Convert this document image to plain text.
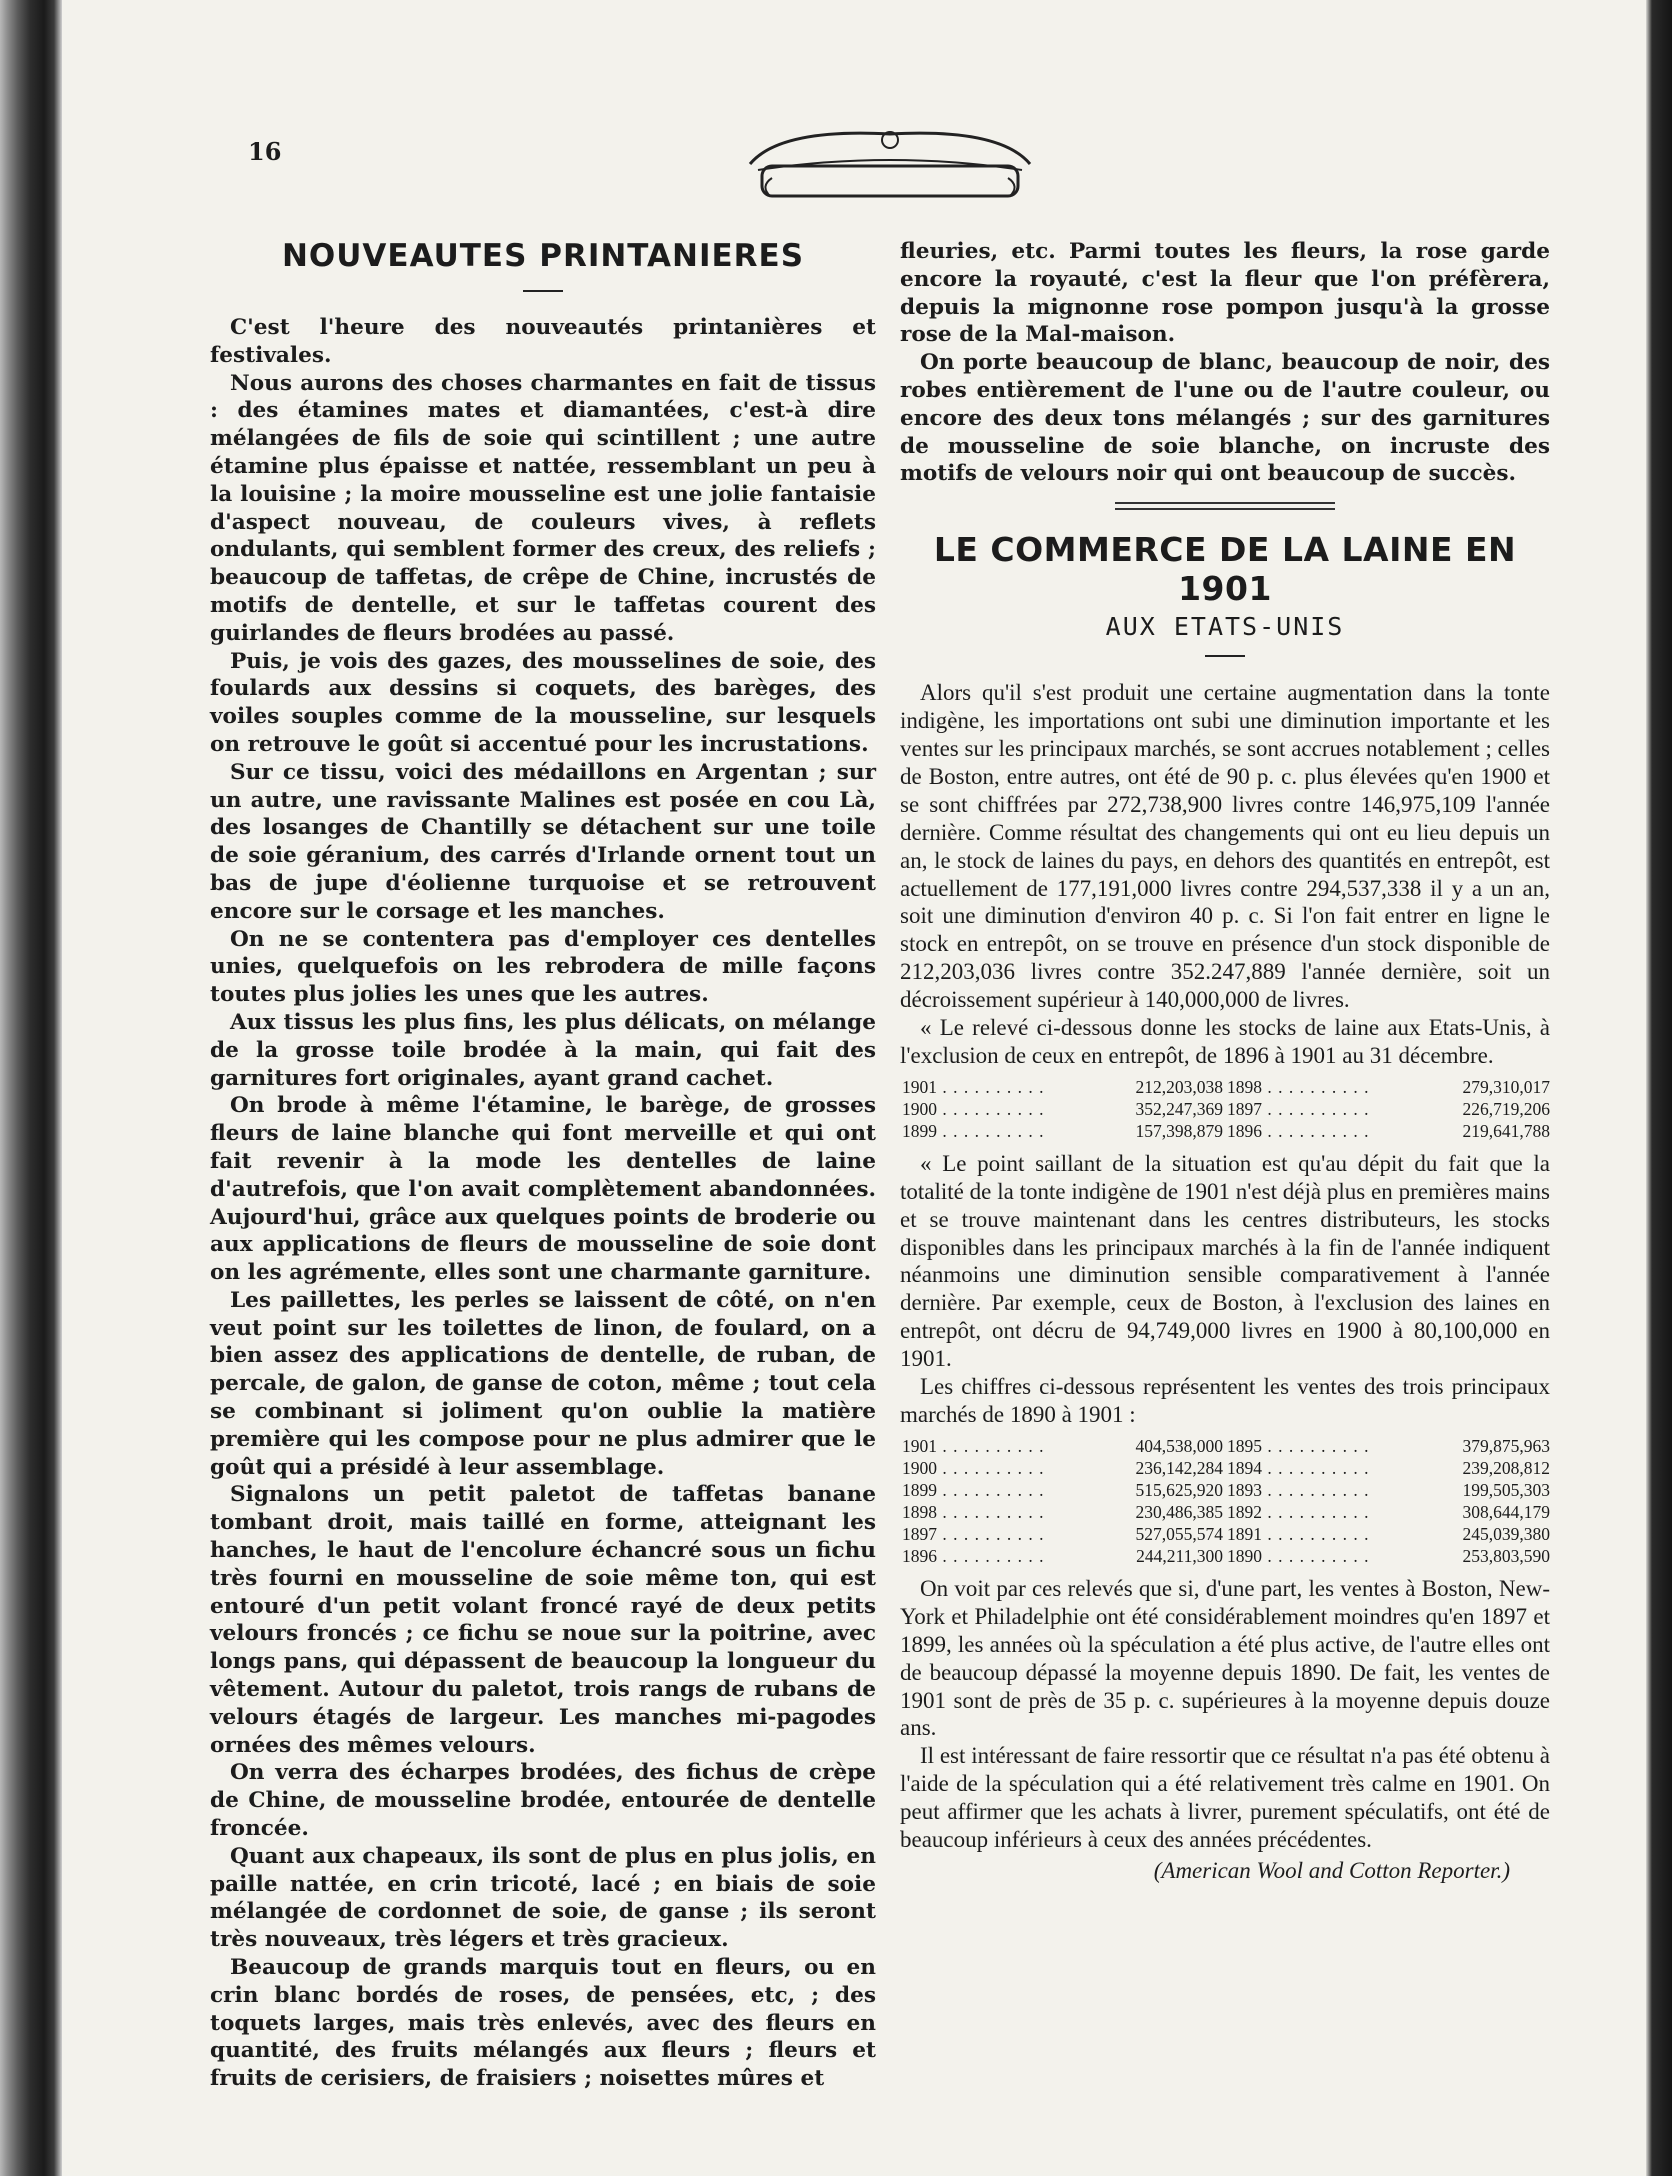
16

NOUVEAUTES PRINTANIERES

C'est l'heure des nouveautés printanières et festivales.

Nous aurons des choses charmantes en fait de tissus : des étamines mates et diamantées, c'est-à dire mélangées de fils de soie qui scintillent ; une autre étamine plus épaisse et nattée, ressemblant un peu à la louisine ; la moire mousseline est une jolie fantaisie d'aspect nouveau, de couleurs vives, à reflets ondulants, qui semblent former des creux, des reliefs ; beaucoup de taffetas, de crêpe de Chine, incrustés de motifs de dentelle, et sur le taffetas courent des guirlandes de fleurs brodées au passé.

Puis, je vois des gazes, des mousselines de soie, des foulards aux dessins si coquets, des barèges, des voiles souples comme de la mousseline, sur lesquels on retrouve le goût si accentué pour les incrustations.

Sur ce tissu, voici des médaillons en Argentan ; sur un autre, une ravissante Malines est posée en cou Là, des losanges de Chantilly se détachent sur une toile de soie géranium, des carrés d'Irlande ornent tout un bas de jupe d'éolienne turquoise et se retrouvent encore sur le corsage et les manches.

On ne se contentera pas d'employer ces dentelles unies, quelquefois on les rebrodera de mille façons toutes plus jolies les unes que les autres.

Aux tissus les plus fins, les plus délicats, on mélange de la grosse toile brodée à la main, qui fait des garnitures fort originales, ayant grand cachet.

On brode à même l'étamine, le barège, de grosses fleurs de laine blanche qui font merveille et qui ont fait revenir à la mode les dentelles de laine d'autrefois, que l'on avait complètement abandonnées. Aujourd'hui, grâce aux quelques points de broderie ou aux applications de fleurs de mousseline de soie dont on les agrémente, elles sont une charmante garniture.

Les paillettes, les perles se laissent de côté, on n'en veut point sur les toilettes de linon, de foulard, on a bien assez des applications de dentelle, de ruban, de percale, de galon, de ganse de coton, même ; tout cela se combinant si joliment qu'on oublie la matière première qui les compose pour ne plus admirer que le goût qui a présidé à leur assemblage.

Signalons un petit paletot de taffetas banane tombant droit, mais taillé en forme, atteignant les hanches, le haut de l'encolure échancré sous un fichu très fourni en mousseline de soie même ton, qui est entouré d'un petit volant froncé rayé de deux petits velours froncés ; ce fichu se noue sur la poitrine, avec longs pans, qui dépassent de beaucoup la longueur du vêtement. Autour du paletot, trois rangs de rubans de velours étagés de largeur. Les manches mi-pagodes ornées des mêmes velours.

On verra des écharpes brodées, des fichus de crèpe de Chine, de mousseline brodée, entourée de dentelle froncée.

Quant aux chapeaux, ils sont de plus en plus jolis, en paille nattée, en crin tricoté, lacé ; en biais de soie mélangée de cordonnet de soie, de ganse ; ils seront très nouveaux, très légers et très gracieux.

Beaucoup de grands marquis tout en fleurs, ou en crin blanc bordés de roses, de pensées, etc, ; des toquets larges, mais très enlevés, avec des fleurs en quantité, des fruits mélangés aux fleurs ; fleurs et fruits de cerisiers, de fraisiers ; noisettes mûres et

fleuries, etc. Parmi toutes les fleurs, la rose garde encore la royauté, c'est la fleur que l'on préfèrera, depuis la mignonne rose pompon jusqu'à la grosse rose de la Mal-maison.

On porte beaucoup de blanc, beaucoup de noir, des robes entièrement de l'une ou de l'autre couleur, ou encore des deux tons mélangés ; sur des garnitures de mousseline de soie blanche, on incruste des motifs de velours noir qui ont beaucoup de succès.

LE COMMERCE DE LA LAINE EN 1901
AUX ETATS-UNIS

Alors qu'il s'est produit une certaine augmentation dans la tonte indigène, les importations ont subi une diminution importante et les ventes sur les principaux marchés, se sont accrues notablement ; celles de Boston, entre autres, ont été de 90 p. c. plus élevées qu'en 1900 et se sont chiffrées par 272,738,900 livres contre 146,975,109 l'année dernière. Comme résultat des changements qui ont eu lieu depuis un an, le stock de laines du pays, en dehors des quantités en entrepôt, est actuellement de 177,191,000 livres contre 294,537,338 il y a un an, soit une diminution d'environ 40 p. c. Si l'on fait entrer en ligne le stock en entrepôt, on se trouve en présence d'un stock disponible de 212,203,036 livres contre 352.247,889 l'année dernière, soit un décroissement supérieur à 140,000,000 de livres.

« Le relevé ci-dessous donne les stocks de laine aux Etats-Unis, à l'exclusion de ceux en entrepôt, de 1896 à 1901 au 31 décembre.

1901 . . .	212,203,038	1898 . . .	279,310,017
1900 . . .	352,247,369	1897 . . .	226,719,206
1899 . . .	157,398,879	1896 . . .	219,641,788

« Le point saillant de la situation est qu'au dépit du fait que la totalité de la tonte indigène de 1901 n'est déjà plus en premières mains et se trouve maintenant dans les centres distributeurs, les stocks disponibles dans les principaux marchés à la fin de l'année indiquent néanmoins une diminution sensible comparativement à l'année dernière. Par exemple, ceux de Boston, à l'exclusion des laines en entrepôt, ont décru de 94,749,000 livres en 1900 à 80,100,000 en 1901.

Les chiffres ci-dessous représentent les ventes des trois principaux marchés de 1890 à 1901 :

1901 . . .	404,538,000	1895 . . .	379,875,963
1900 . . .	236,142,284	1894 . . .	239,208,812
1899 . . .	515,625,920	1893 . . .	199,505,303
1898 . . .	230,486,385	1892 . . .	308,644,179
1897 . . .	527,055,574	1891 . . .	245,039,380
1896 . . .	244,211,300	1890 . . .	253,803,590

On voit par ces relevés que si, d'une part, les ventes à Boston, New-York et Philadelphie ont été considérablement moindres qu'en 1897 et 1899, les années où la spéculation a été plus active, de l'autre elles ont de beaucoup dépassé la moyenne depuis 1890. De fait, les ventes de 1901 sont de près de 35 p. c. supérieures à la moyenne depuis douze ans.

Il est intéressant de faire ressortir que ce résultat n'a pas été obtenu à l'aide de la spéculation qui a été relativement très calme en 1901. On peut affirmer que les achats à livrer, purement spéculatifs, ont été de beaucoup inférieurs à ceux des années précédentes.

(American Wool and Cotton Reporter.)
